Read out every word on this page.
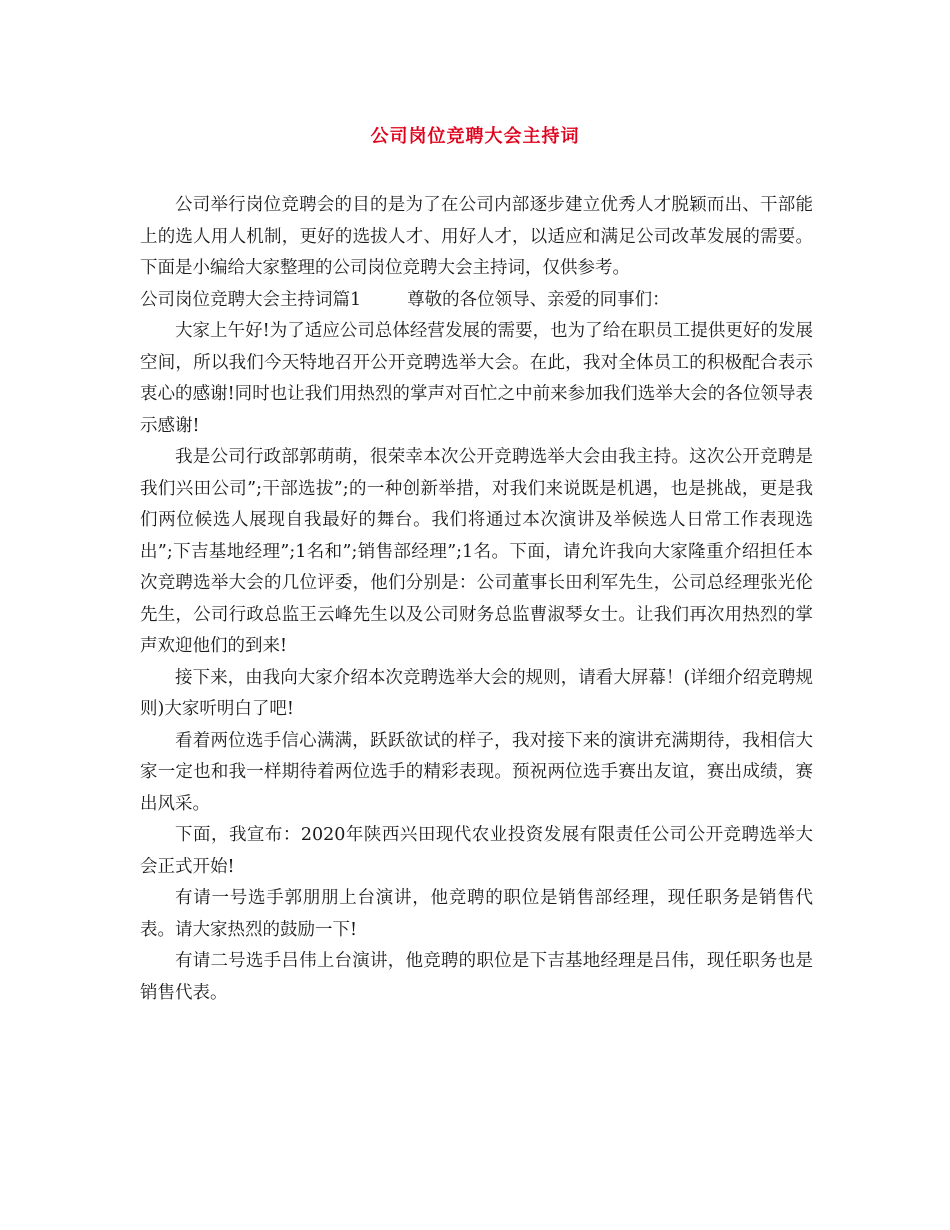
公司岗位竞聘大会主持词

公司举行岗位竞聘会的目的是为了在公司内部逐步建立优秀人才脱颖而出、干部能上的选人用人机制，更好的选拔人才、用好人才，以适应和满足公司改革发展的需要。下面是小编给大家整理的公司岗位竞聘大会主持词，仅供参考。

公司岗位竞聘大会主持词篇1	尊敬的各位领导、亲爱的同事们：

大家上午好!为了适应公司总体经营发展的需要，也为了给在职员工提供更好的发展空间，所以我们今天特地召开公开竞聘选举大会。在此，我对全体员工的积极配合表示衷心的感谢!同时也让我们用热烈的掌声对百忙之中前来参加我们选举大会的各位领导表示感谢!

我是公司行政部郭萌萌，很荣幸本次公开竞聘选举大会由我主持。这次公开竞聘是我们兴田公司”;干部选拔”;的一种创新举措，对我们来说既是机遇，也是挑战，更是我们两位候选人展现自我最好的舞台。我们将通过本次演讲及举候选人日常工作表现选出”;下吉基地经理”;1名和”;销售部经理”;1名。下面，请允许我向大家隆重介绍担任本次竞聘选举大会的几位评委，他们分别是：公司董事长田利军先生，公司总经理张光伦先生，公司行政总监王云峰先生以及公司财务总监曹淑琴女士。让我们再次用热烈的掌声欢迎他们的到来!

接下来，由我向大家介绍本次竞聘选举大会的规则，请看大屏幕！(详细介绍竞聘规则)大家听明白了吧!

看着两位选手信心满满，跃跃欲试的样子，我对接下来的演讲充满期待，我相信大家一定也和我一样期待着两位选手的精彩表现。预祝两位选手赛出友谊，赛出成绩，赛出风采。

下面，我宣布：2020年陕西兴田现代农业投资发展有限责任公司公开竞聘选举大会正式开始!

有请一号选手郭朋朋上台演讲，他竞聘的职位是销售部经理，现任职务是销售代表。请大家热烈的鼓励一下!

有请二号选手吕伟上台演讲，他竞聘的职位是下吉基地经理是吕伟，现任职务也是销售代表。
